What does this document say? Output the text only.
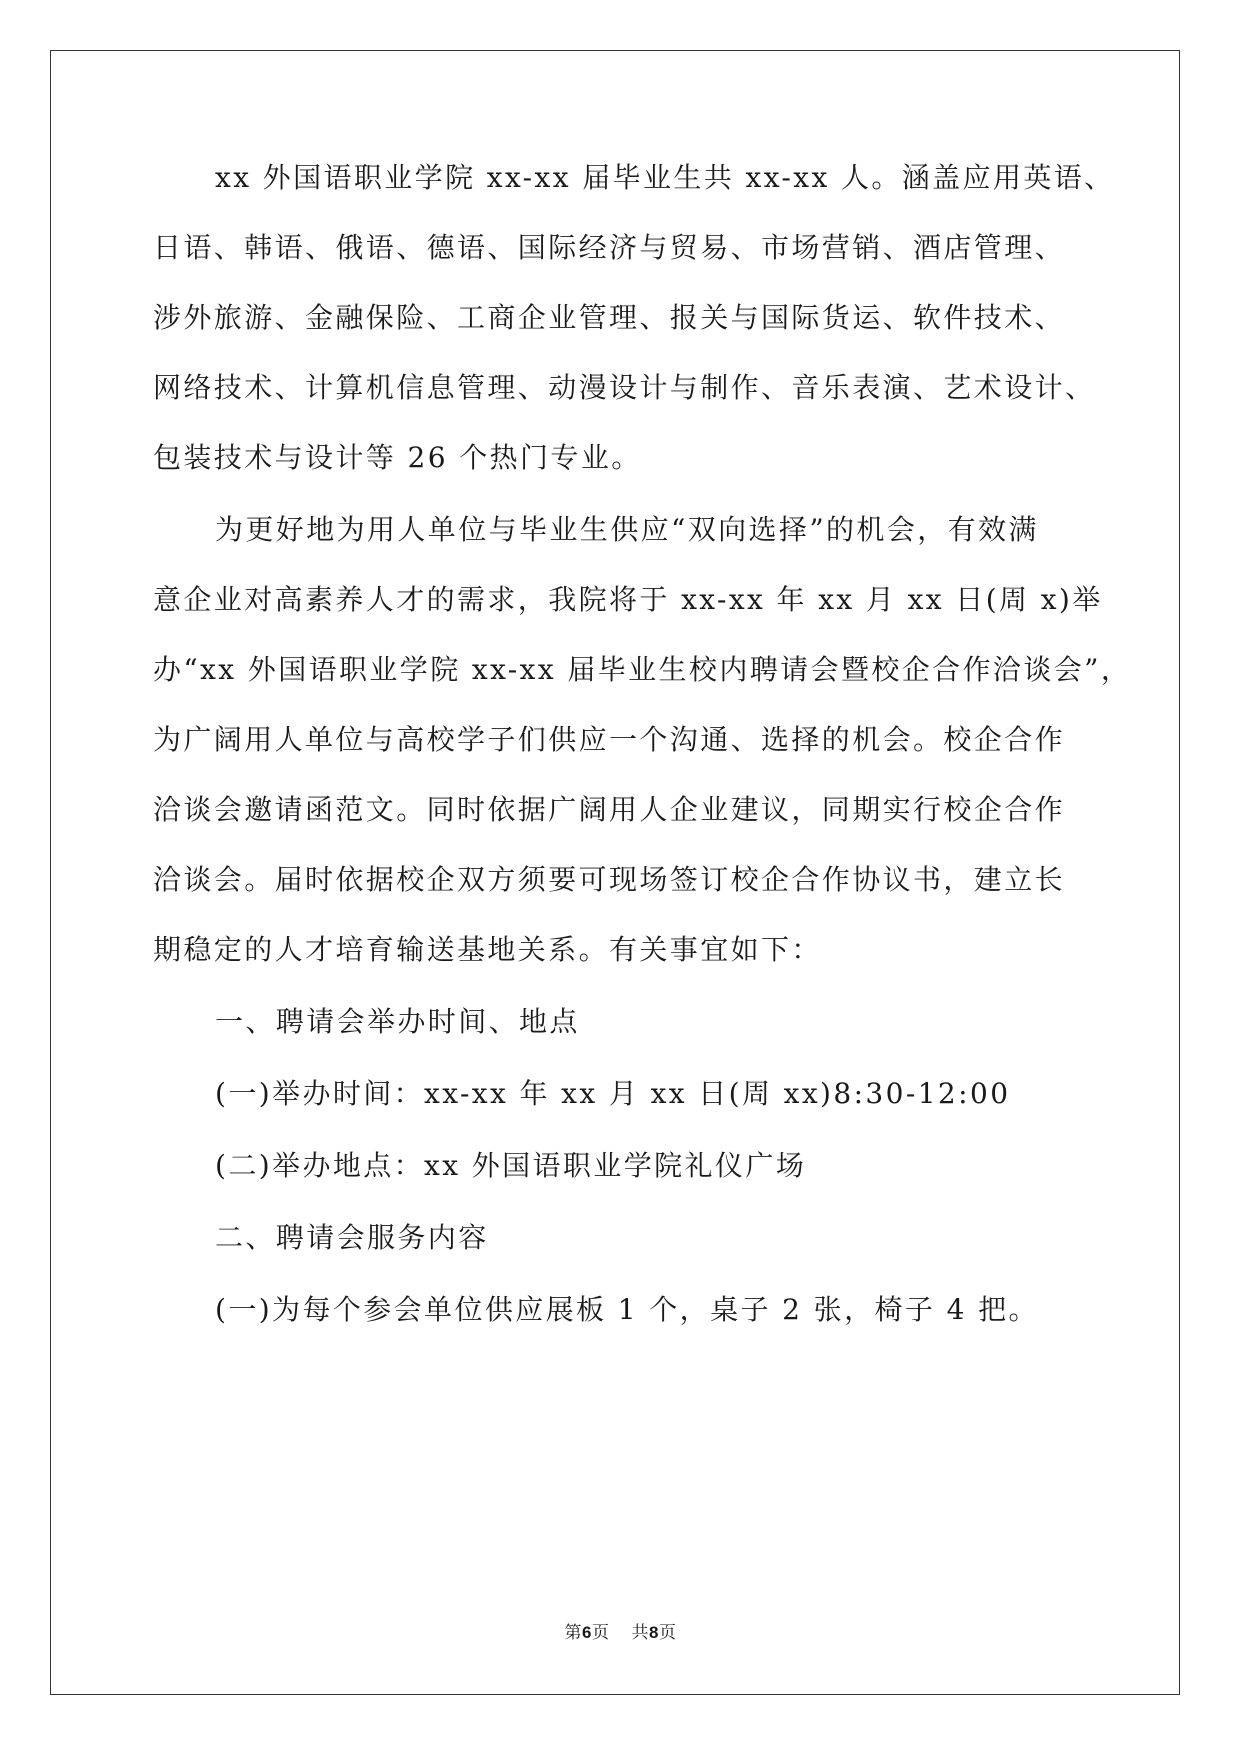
xx 外国语职业学院 xx-xx 届毕业生共 xx-xx 人。涵盖应用英语、
日语、韩语、俄语、德语、国际经济与贸易、市场营销、酒店管理、
涉外旅游、金融保险、工商企业管理、报关与国际货运、软件技术、
网络技术、计算机信息管理、动漫设计与制作、音乐表演、艺术设计、
包装技术与设计等 26 个热门专业。
为更好地为用人单位与毕业生供应“双向选择”的机会，有效满
意企业对高素养人才的需求，我院将于 xx-xx 年 xx 月 xx 日(周 x)举
办“xx 外国语职业学院 xx-xx 届毕业生校内聘请会暨校企合作洽谈会”，
为广阔用人单位与高校学子们供应一个沟通、选择的机会。校企合作
洽谈会邀请函范文。同时依据广阔用人企业建议，同期实行校企合作
洽谈会。届时依据校企双方须要可现场签订校企合作协议书，建立长
期稳定的人才培育输送基地关系。有关事宜如下：
一、聘请会举办时间、地点
(一)举办时间：xx-xx 年 xx 月 xx 日(周 xx)8:30-12:00
(二)举办地点：xx 外国语职业学院礼仪广场
二、聘请会服务内容
(一)为每个参会单位供应展板 1 个，桌子 2 张，椅子 4 把。
第6页 共8页
